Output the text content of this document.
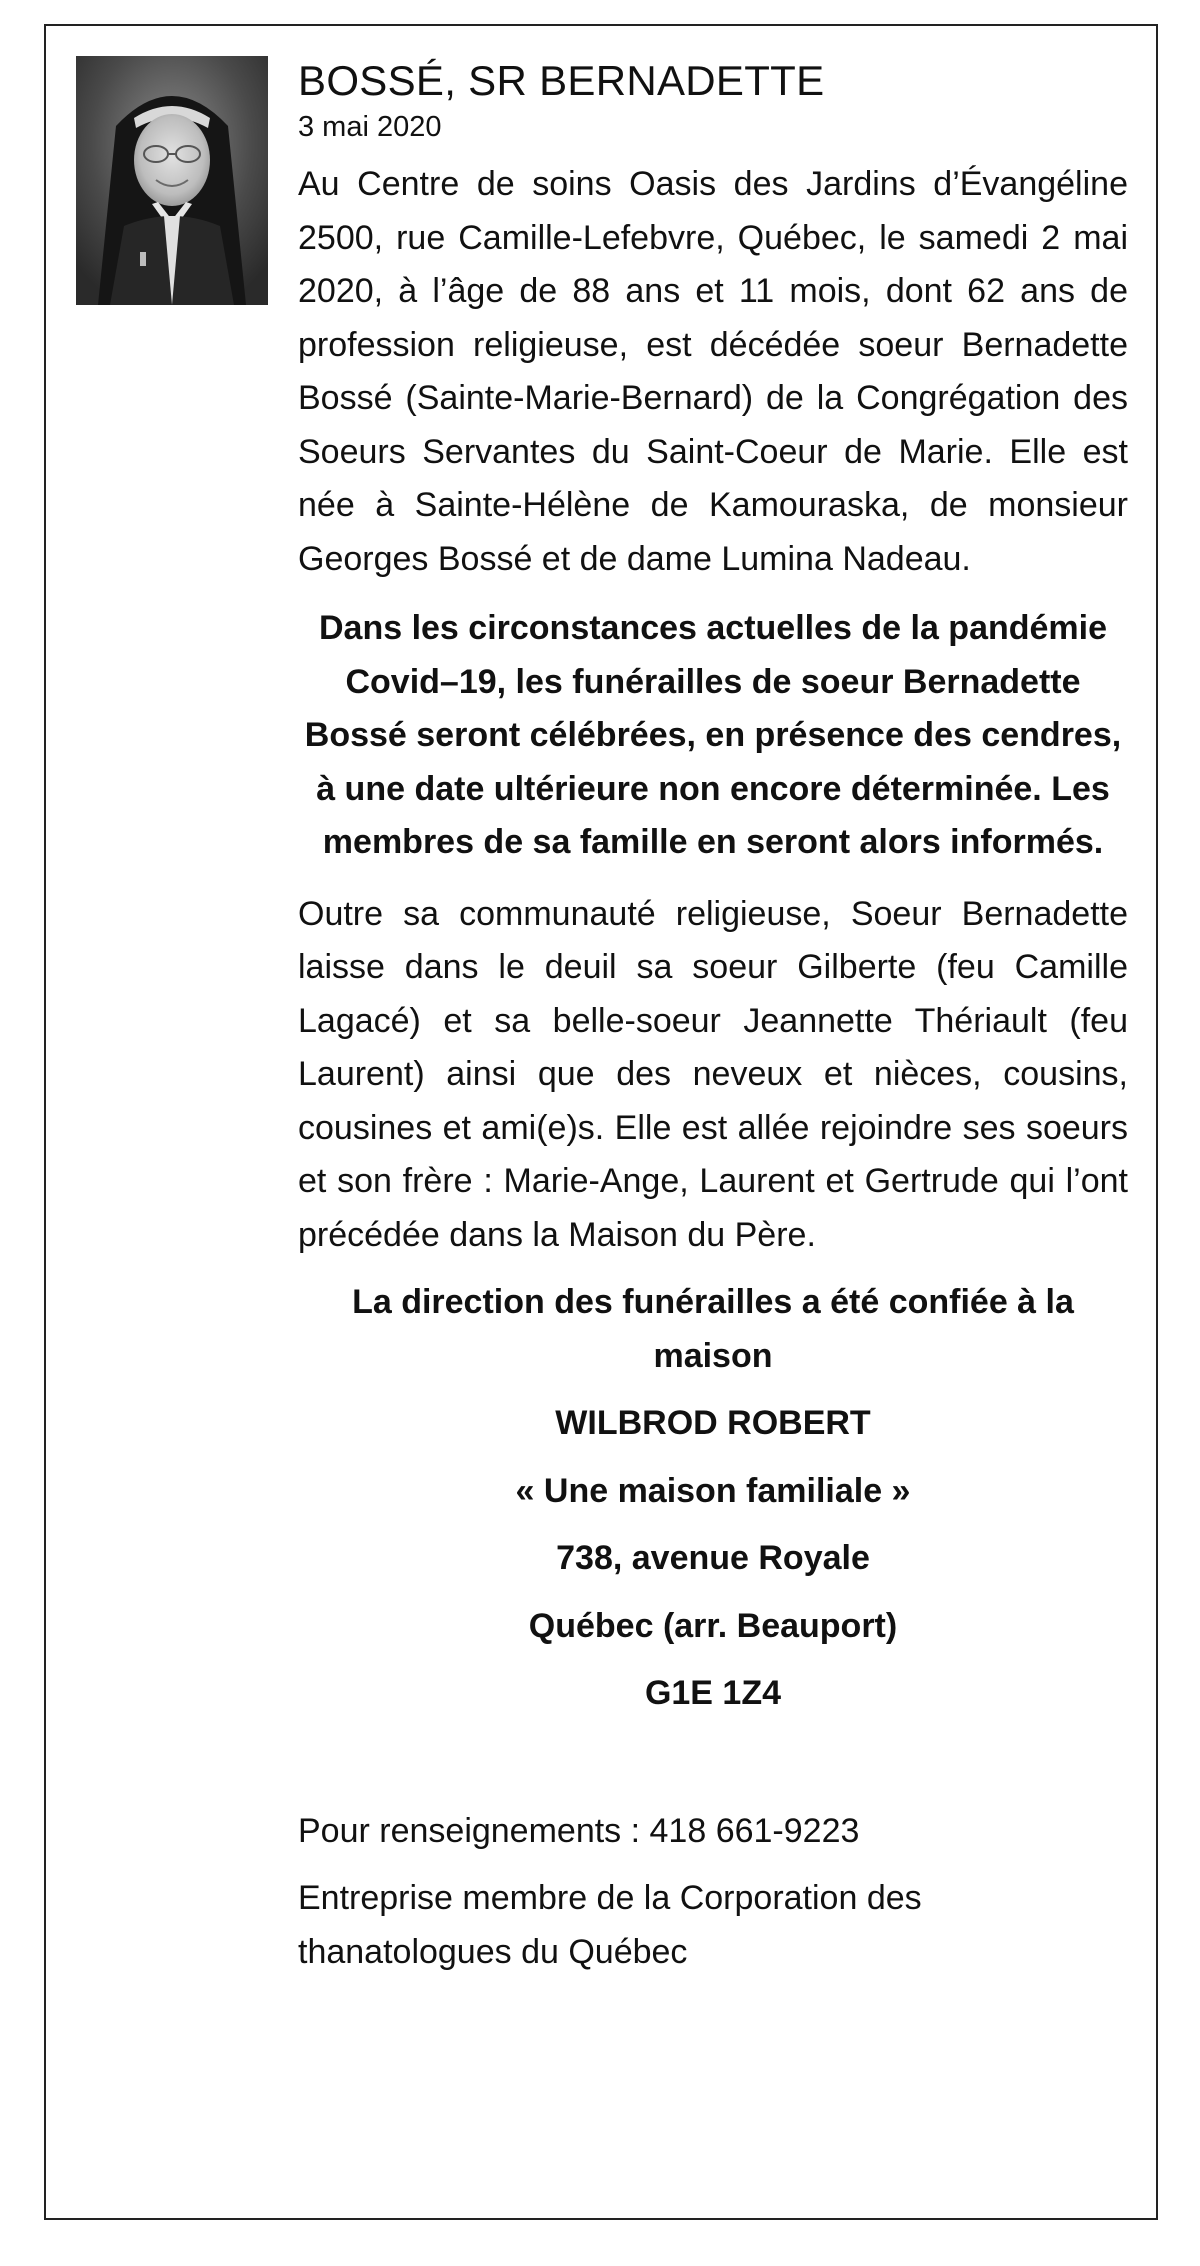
BOSSÉ, SR BERNADETTE

3 mai 2020

Au Centre de soins Oasis des Jardins d’Évangéline 2500, rue Camille-Lefebvre, Québec, le samedi 2 mai 2020, à l’âge de 88 ans et 11 mois, dont 62 ans de profession religieuse, est décédée soeur Bernadette Bossé (Sainte-Marie-Bernard) de la Congrégation des Soeurs Servantes du Saint-Coeur de Marie. Elle est née à Sainte-Hélène de Kamouraska, de monsieur Georges Bossé et de dame Lumina Nadeau.

Dans les circonstances actuelles de la pandémie Covid–19, les funérailles de soeur Bernadette Bossé seront célébrées, en présence des cendres, à une date ultérieure non encore déterminée. Les membres de sa famille en seront alors informés.

Outre sa communauté religieuse, Soeur Bernadette laisse dans le deuil sa soeur Gilberte (feu Camille Lagacé) et sa belle-soeur Jeannette Thériault (feu Laurent) ainsi que des neveux et nièces, cousins, cousines et ami(e)s. Elle est allée rejoindre ses soeurs et son frère : Marie-Ange, Laurent et Gertrude qui l’ont précédée dans la Maison du Père.

La direction des funérailles a été confiée à la maison

WILBROD ROBERT

« Une maison familiale »

738, avenue Royale

Québec (arr. Beauport)

G1E 1Z4

Pour renseignements : 418 661-9223

Entreprise membre de la Corporation des thanatologues du Québec
